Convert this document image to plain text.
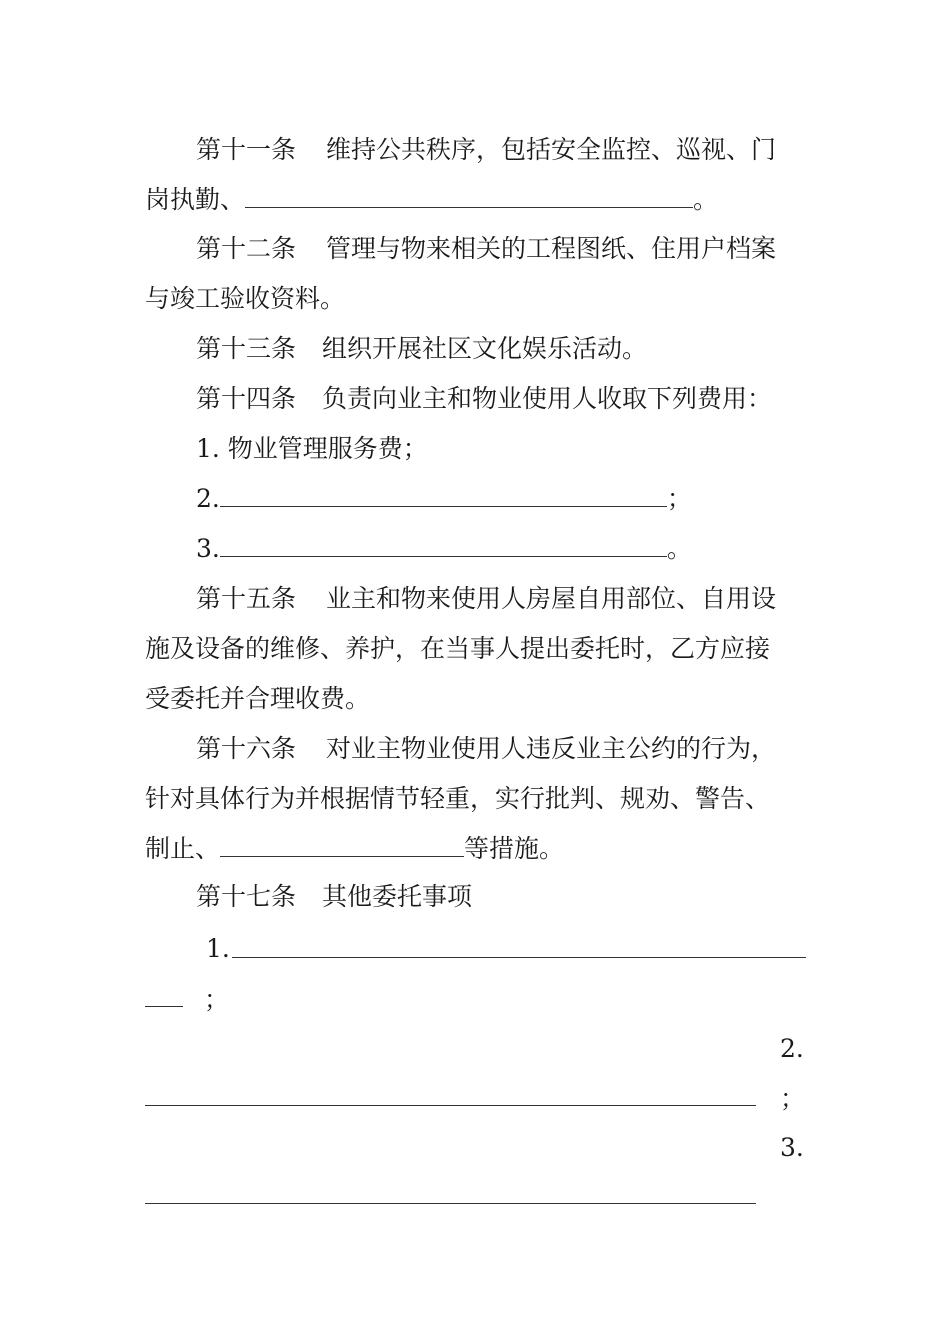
第十一条 维持公共秩序，包括安全监控、巡视、门
岗执勤、	。
第十二条 管理与物来相关的工程图纸、住用户档案
与竣工验收资料。
第十三条 组织开展社区文化娱乐活动。
第十四条 负责向业主和物业使用人收取下列费用：
1. 物业管理服务费；
2.	；
3.	。
第十五条 业主和物来使用人房屋自用部位、自用设
施及设备的维修、养护，在当事人提出委托时，乙方应接
受委托并合理收费。
第十六条 对业主物业使用人违反业主公约的行为，
针对具体行为并根据情节轻重，实行批判、规劝、警告、
制止、	等措施。
第十七条 其他委托事项
1.
；
2.
；
3.
